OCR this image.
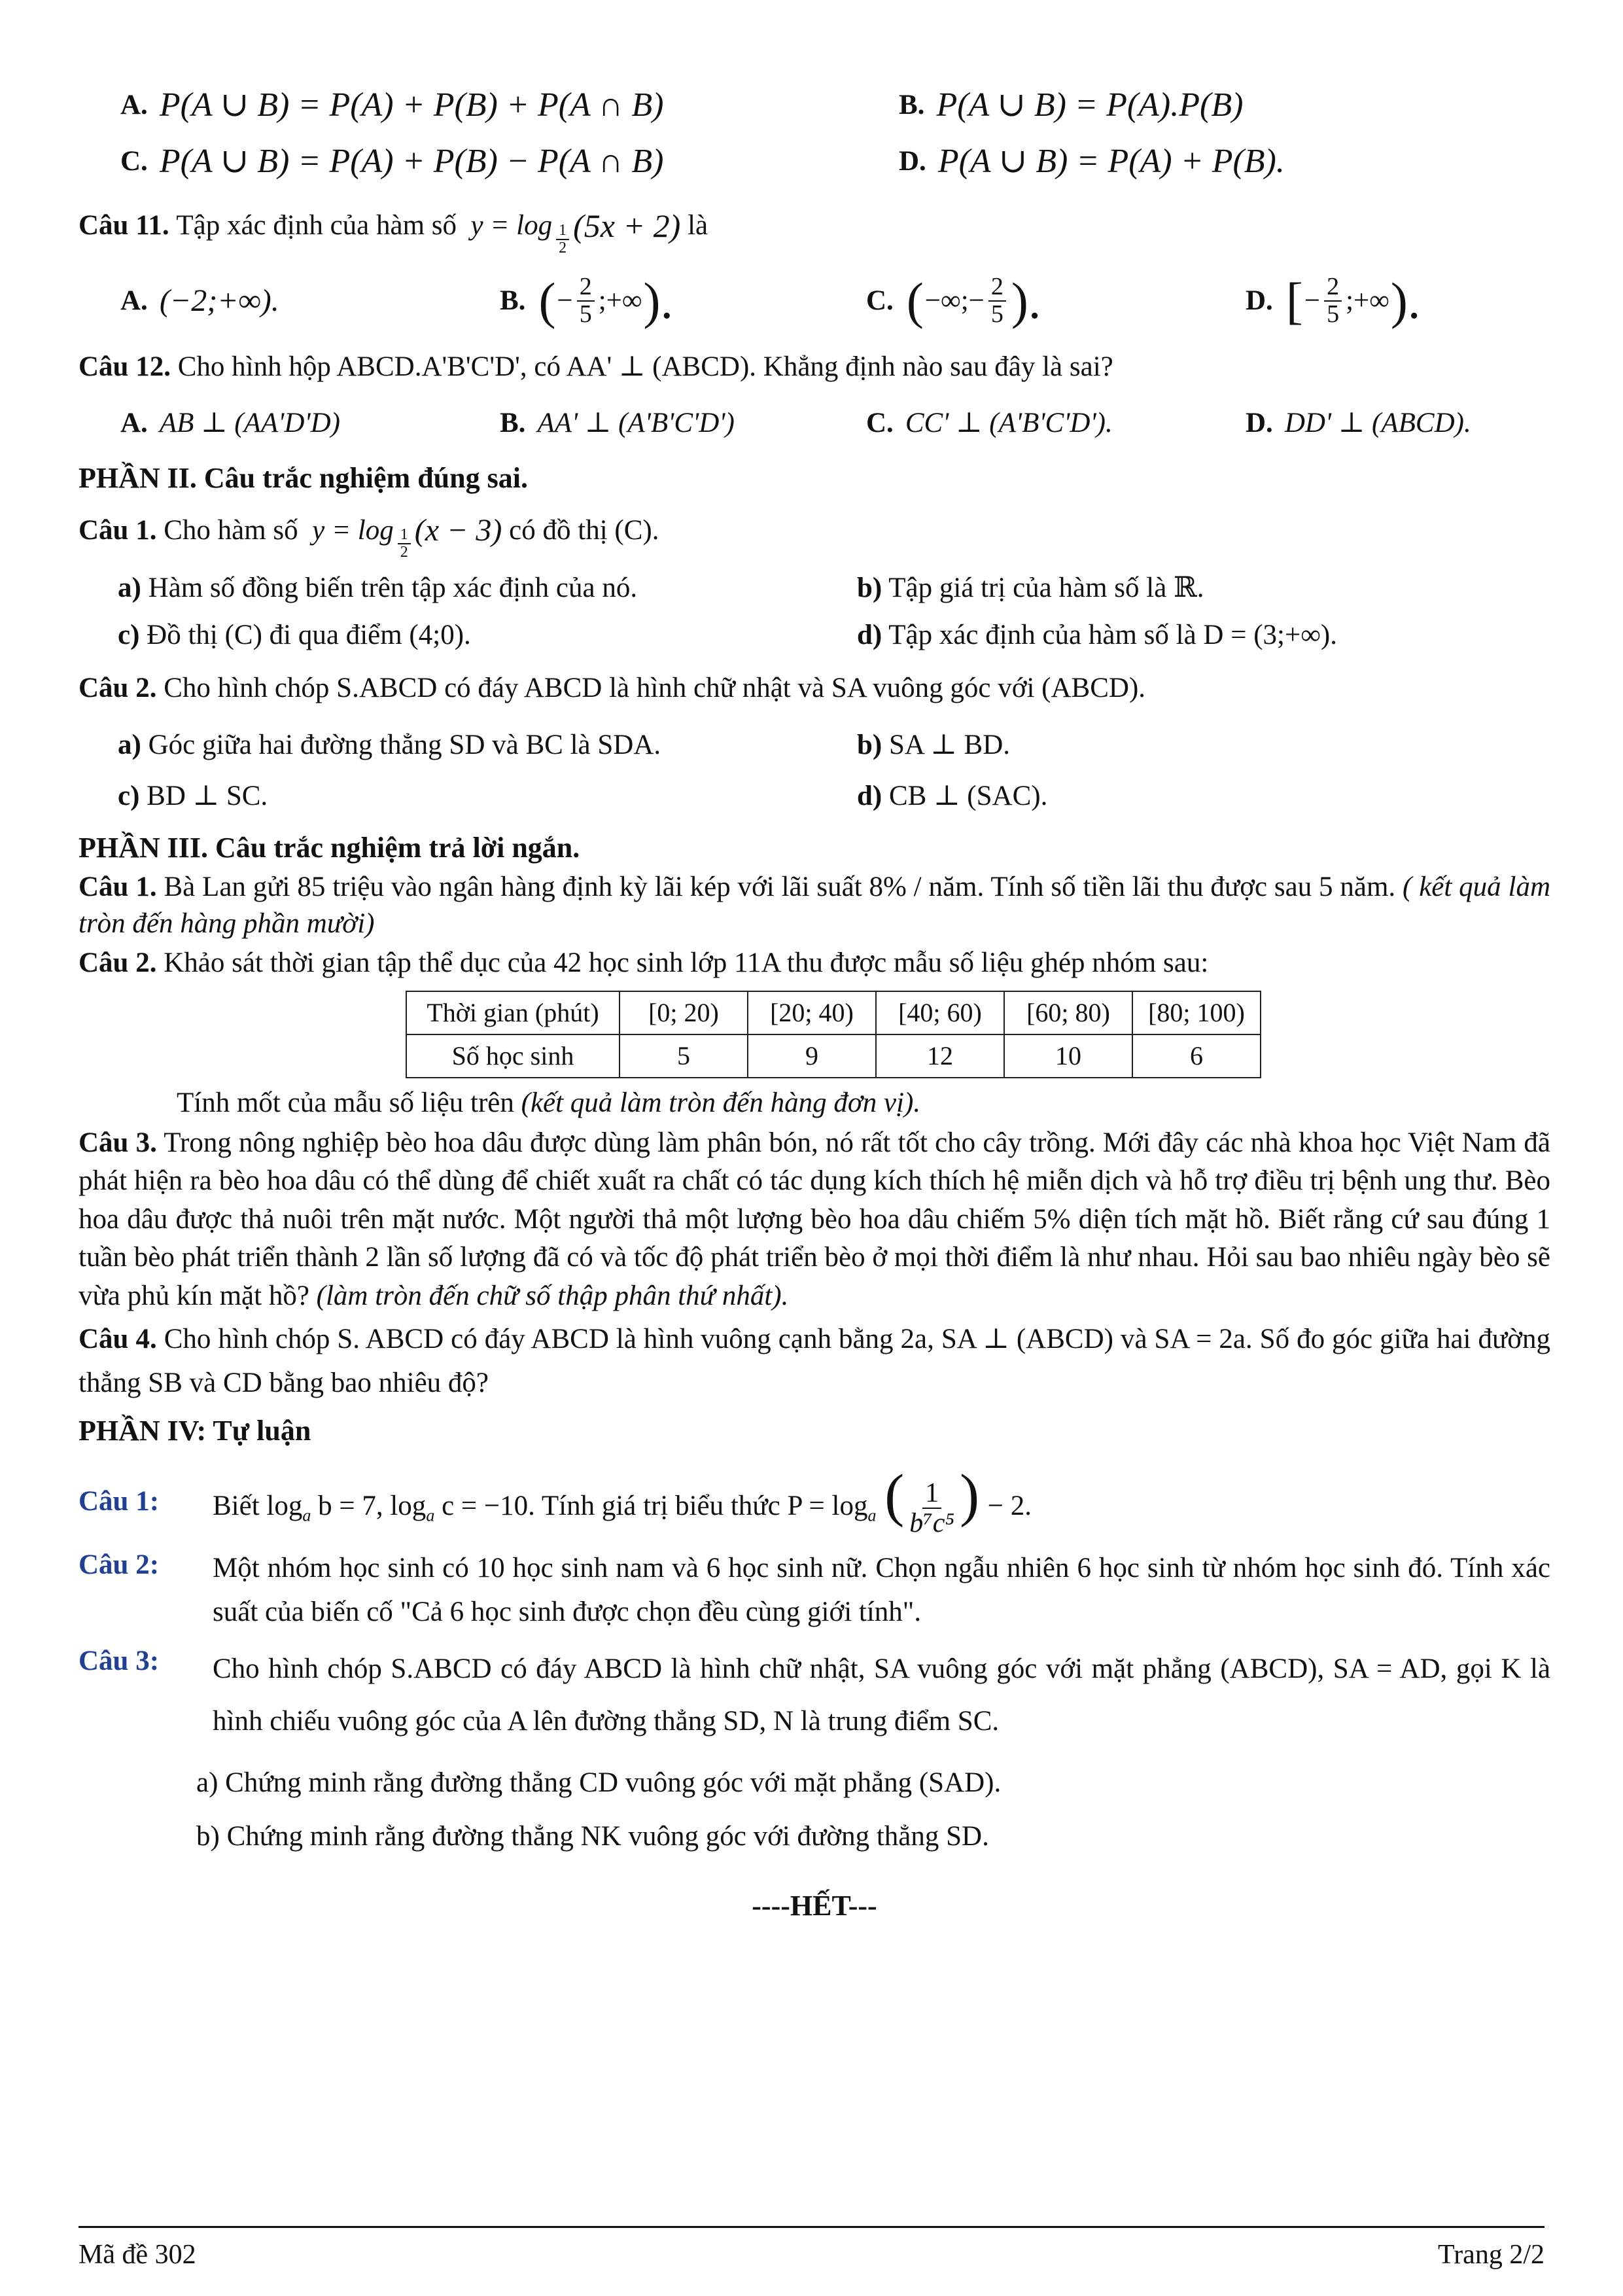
A. P(A ∪ B) = P(A) + P(B) + P(A ∩ B)	B. P(A ∪ B) = P(A).P(B)
C. P(A ∪ B) = P(A) + P(B) − P(A ∩ B)	D. P(A ∪ B) = P(A) + P(B).
Câu 11.
Tập xác định của hàm số
$y = \log \frac{1}{2} (5x + 2)$
là
A. (−2;+∞).	B. ( − $\frac{2}{5}$ ;+∞ ).	C. ( −∞;− $\frac{2}{5}$ ).	D. [ − $\frac{2}{5}$ ;+∞ ).
Câu 12.
Cho hình hộp ABCD.A'B'C'D', có AA' ⊥ (ABCD). Khẳng định nào sau đây là sai?
A. AB ⊥ (AA'D'D)	B. AA' ⊥ (A'B'C'D')	C. CC' ⊥ (A'B'C'D').	D. DD' ⊥ (ABCD).
PHẦN II. Câu trắc nghiệm đúng sai.
Câu 1.
Cho hàm số
$y = \log \frac{1}{2} (x - 3)$
có đồ thị (C).
a) Hàm số đồng biến trên tập xác định của nó.	b) Tập giá trị của hàm số là ℝ.
c) Đồ thị (C) đi qua điểm (4;0).	d) Tập xác định của hàm số là D = (3;+∞).
Câu 2.
Cho hình chóp S.ABCD có đáy ABCD là hình chữ nhật và SA vuông góc với (ABCD).
a) Góc giữa hai đường thẳng SD và BC là SDA.	b) SA ⊥ BD.
c) BD ⊥ SC.	d) CB ⊥ (SAC).
PHẦN III. Câu trắc nghiệm trả lời ngắn.

Câu 1. Bà Lan gửi 85 triệu vào ngân hàng định kỳ lãi kép với lãi suất 8% / năm. Tính số tiền lãi thu được sau 5 năm. ( kết quả làm tròn đến hàng phần mười)

Câu 2. Khảo sát thời gian tập thể dục của 42 học sinh lớp 11A thu được mẫu số liệu ghép nhóm sau:

Thời gian (phút)	[0; 20)	[20; 40)	[40; 60)	[60; 80)	[80; 100)
Số học sinh	5	9	12	10	6

Tính mốt của mẫu số liệu trên (kết quả làm tròn đến hàng đơn vị).

Câu 3. Trong nông nghiệp bèo hoa dâu được dùng làm phân bón, nó rất tốt cho cây trồng. Mới đây các nhà khoa học Việt Nam đã phát hiện ra bèo hoa dâu có thể dùng để chiết xuất ra chất có tác dụng kích thích hệ miễn dịch và hỗ trợ điều trị bệnh ung thư. Bèo hoa dâu được thả nuôi trên mặt nước. Một người thả một lượng bèo hoa dâu chiếm 5% diện tích mặt hồ. Biết rằng cứ sau đúng 1 tuần bèo phát triển thành 2 lần số lượng đã có và tốc độ phát triển bèo ở mọi thời điểm là như nhau. Hỏi sau bao nhiêu ngày bèo sẽ vừa phủ kín mặt hồ? (làm tròn đến chữ số thập phân thứ nhất).

Câu 4. Cho hình chóp S. ABCD có đáy ABCD là hình vuông cạnh bằng 2a, SA ⊥ (ABCD) và SA = 2a. Số đo góc giữa hai đường thẳng SB và CD bằng bao nhiêu độ?

PHẦN IV: Tự luận
Câu 1:	Biết $\log_a b = 7$, $\log_a c = -10$. Tính giá trị biểu thức $P = \log_a$ ( $\frac{1}{\text{b⁷c⁵}}$ ) − 2.
Câu 2:	Một nhóm học sinh có 10 học sinh nam và 6 học sinh nữ. Chọn ngẫu nhiên 6 học sinh từ nhóm học sinh đó. Tính xác suất của biến cố "Cả 6 học sinh được chọn đều cùng giới tính".
Câu 3:	Cho hình chóp S.ABCD có đáy ABCD là hình chữ nhật, SA vuông góc với mặt phẳng (ABCD), SA = AD, gọi K là hình chiếu vuông góc của A lên đường thẳng SD, N là trung điểm SC.
a) Chứng minh rằng đường thẳng CD vuông góc với mặt phẳng (SAD).
b) Chứng minh rằng đường thẳng NK vuông góc với đường thẳng SD.
----HẾT---
Mã đề 302	Trang 2/2
